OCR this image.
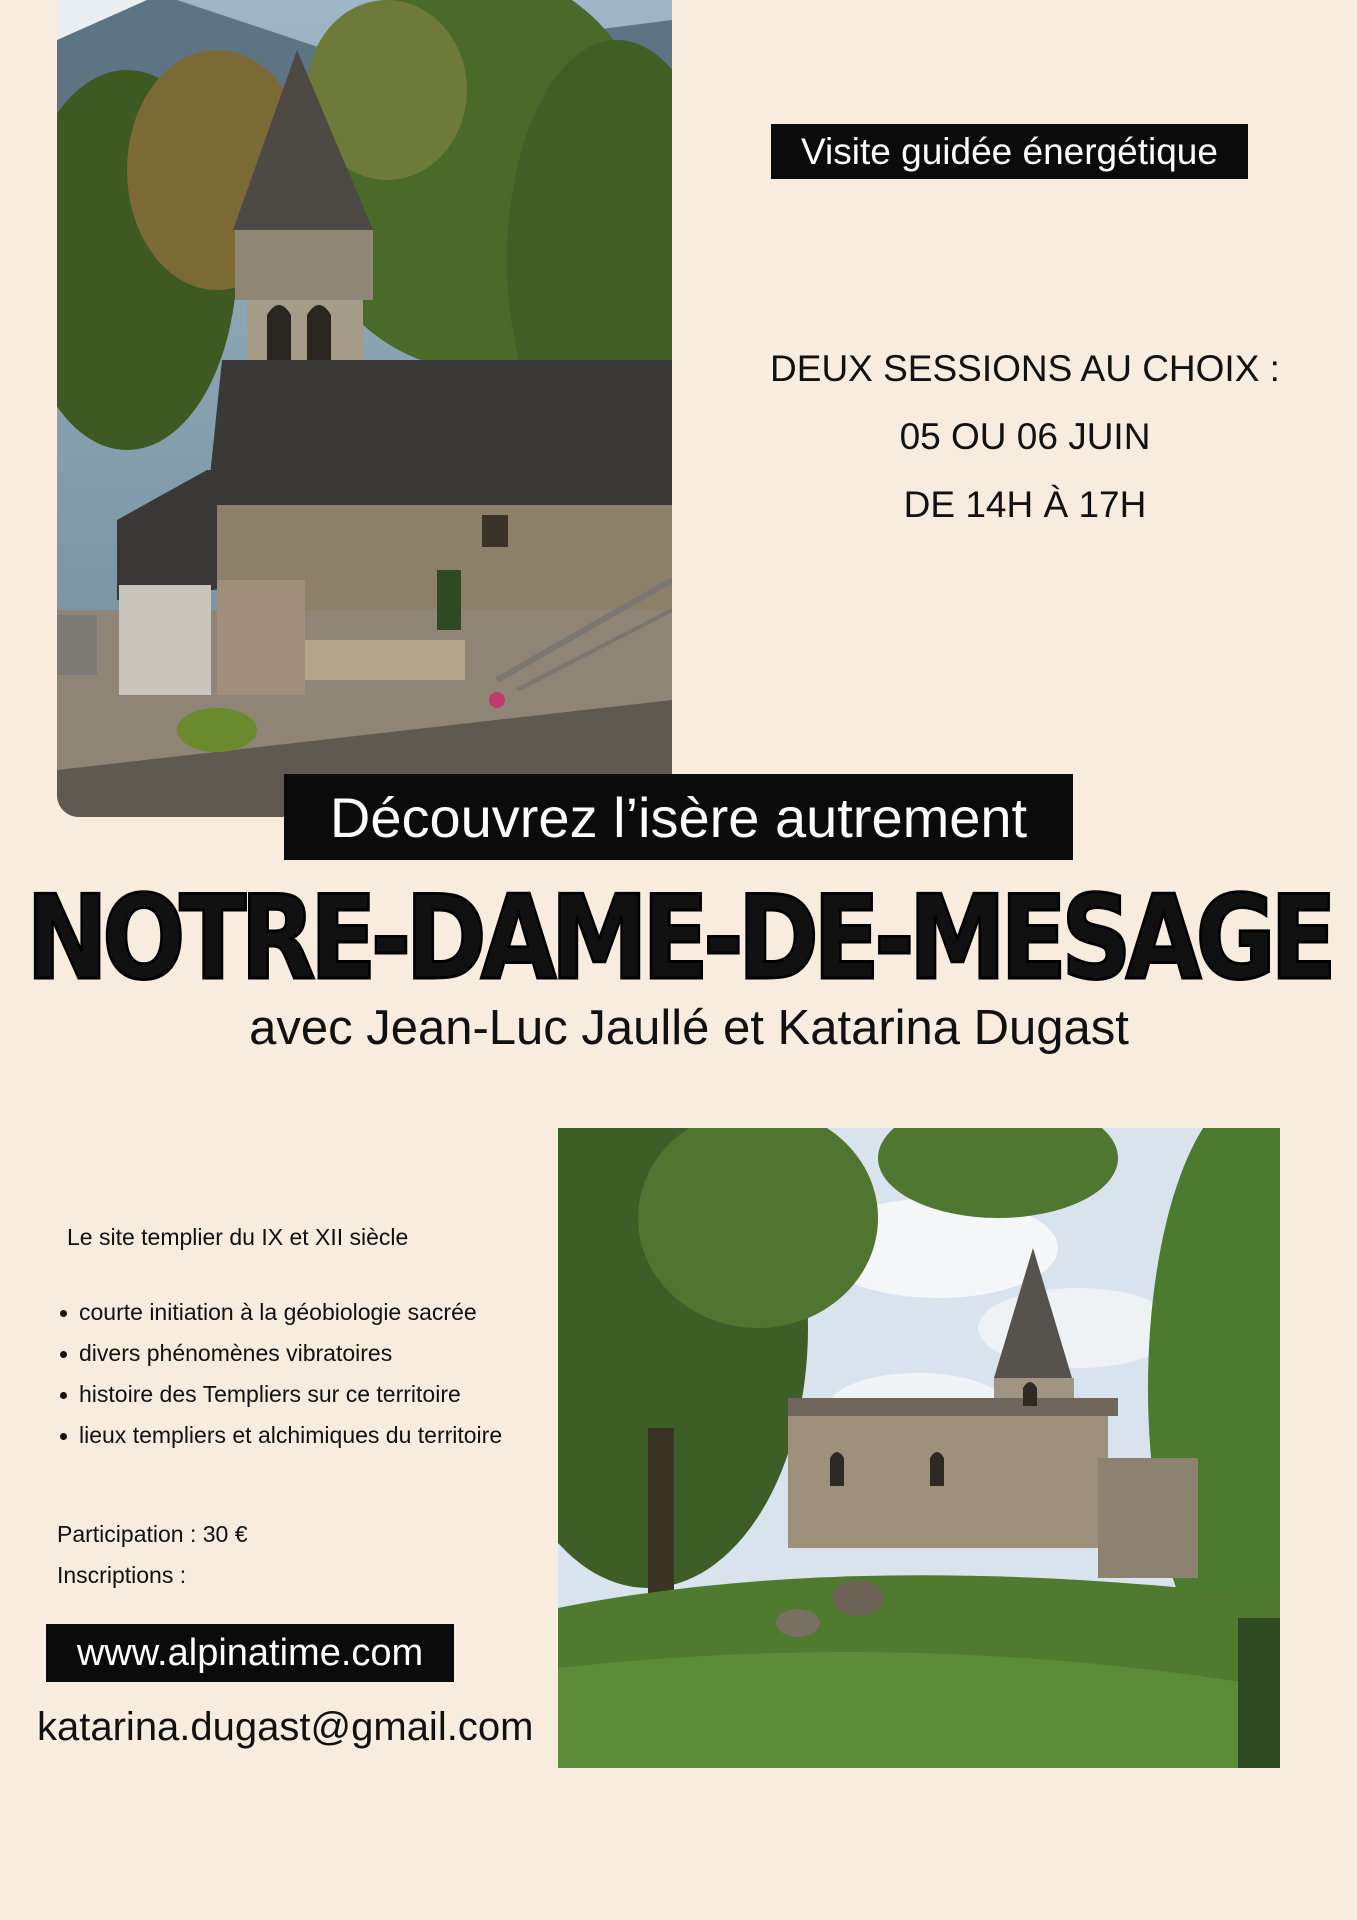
Visite guidée énergétique
DEUX SESSIONS AU CHOIX :
05 OU 06 JUIN
DE 14H À 17H
Découvrez l’isère autrement
NOTRE-DAME-DE-MESAGE
avec Jean-Luc Jaullé et Katarina Dugast
Le site templier du IX et XII siècle
courte initiation à la géobiologie sacrée
divers phénomènes vibratoires
histoire des Templiers sur ce territoire
lieux templiers et alchimiques du territoire
Participation : 30 €
Inscriptions :
www.alpinatime.com
katarina.dugast@gmail.com
